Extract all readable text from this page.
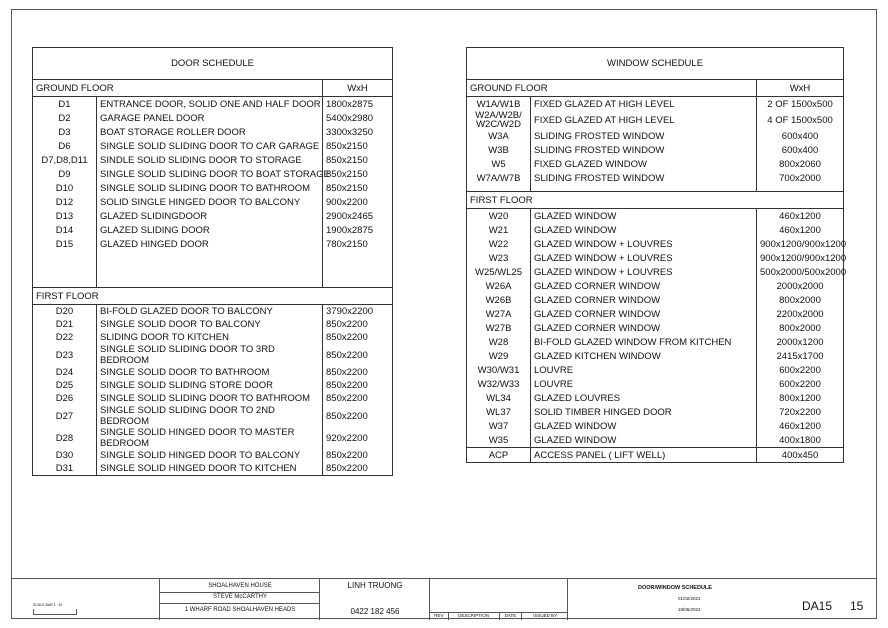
DOOR SCHEDULE		
GROUND FLOOR		WxH
D1	ENTRANCE DOOR, SOLID ONE AND HALF DOOR	1800x2875
D2	GARAGE PANEL DOOR	5400x2980
D3	BOAT STORAGE ROLLER DOOR	3300x3250
D6	SINGLE SOLID SLIDING DOOR TO CAR GARAGE	850x2150
D7,D8,D11	SINDLE SOLID SLIDING DOOR TO STORAGE	850x2150
D9	SINGLE SOLID SLIDING DOOR TO BOAT STORAGE	850x2150
D10	SINGLE SOLID SLIDING DOOR TO BATHROOM	850x2150
D12	SOLID SINGLE HINGED DOOR TO BALCONY	900x2200
D13	GLAZED SLIDINGDOOR	2900x2465
D14	GLAZED SLIDING DOOR	1900x2875
D15	GLAZED HINGED DOOR	780x2150

FIRST FLOOR		
D20	BI-FOLD GLAZED DOOR TO BALCONY	3790x2200
D21	SINGLE SOLID DOOR TO BALCONY	850x2200
D22	SLIDING DOOR TO KITCHEN	850x2200
D23	SINGLE SOLID SLIDING DOOR TO 3RD BEDROOM	850x2200
D24	SINGLE SOLID DOOR TO BATHROOM	850x2200
D25	SINGLE SOLID SLIDING STORE DOOR	850x2200
D26	SINGLE SOLID SLIDING DOOR TO BATHROOM	850x2200
D27	SINGLE SOLID SLIDING DOOR TO 2ND BEDROOM	850x2200
D28	SINGLE SOLID HINGED DOOR TO MASTER BEDROOM	920x2200
D30	SINGLE SOLID HINGED DOOR TO BALCONY	850x2200
D31	SINGLE SOLID HINGED DOOR TO KITCHEN	850x2200
WINDOW SCHEDULE		
GROUND FLOOR		WxH
W1A/W1B	FIXED GLAZED AT HIGH LEVEL	2 OF 1500x500
W2A/W2B/ W2C/W2D	FIXED GLAZED AT HIGH LEVEL	4 OF 1500x500
W3A	SLIDING FROSTED WINDOW	600x400
W3B	SLIDING FROSTED WINDOW	600x400
W5	FIXED GLAZED WINDOW	800x2060
W7A/W7B	SLIDING FROSTED WINDOW	700x2000

FIRST FLOOR		
W20	GLAZED WINDOW	460x1200
W21	GLAZED WINDOW	460x1200
W22	GLAZED WINDOW + LOUVRES	900x1200/900x1200
W23	GLAZED WINDOW + LOUVRES	900x1200/900x1200
W25/WL25	GLAZED WINDOW + LOUVRES	500x2000/500x2000
W26A	GLAZED CORNER WINDOW	2000x2000
W26B	GLAZED CORNER WINDOW	800x2000
W27A	GLAZED CORNER WINDOW	2200x2000
W27B	GLAZED CORNER WINDOW	800x2000
W28	BI-FOLD GLAZED WINDOW FROM KITCHEN	2000x1200
W29	GLAZED KITCHEN WINDOW	2415x1700
W30/W31	LOUVRE	600x2200
W32/W33	LOUVRE	600x2200
WL34	GLAZED LOUVRES	800x1200
WL37	SOLID TIMBER HINGED DOOR	720x2200
W37	GLAZED WINDOW	460x1200
W35	GLAZED WINDOW	400x1800
ACP	ACCESS PANEL ( LIFT WELL)	400x450
SHOALHAVEN HOUSE
STEVE McCARTHY
1 WHARF ROAD SHOALHAVEN HEADS
LINH TRUONG
0422 182 456	REV	DESCRIPTION	DATE	ISSUED BY
DOOR/WINDOW SCHEDULE
01/02/2021
18/06/2024	DA15 15
SCALE BAR 1 : 10
